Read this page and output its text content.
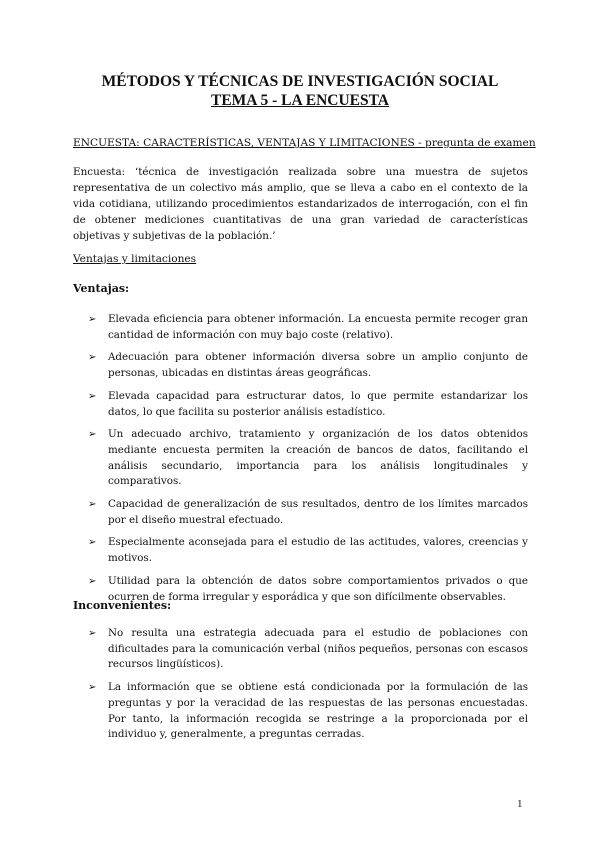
MÉTODOS Y TÉCNICAS DE INVESTIGACIÓN SOCIAL
TEMA 5 - LA ENCUESTA
ENCUESTA: CARACTERÍSTICAS, VENTAJAS Y LIMITACIONES - pregunta de examen

Encuesta: ‘técnica de investigación realizada sobre una muestra de sujetos representativa de un colectivo más amplio, que se lleva a cabo en el contexto de la vida cotidiana, utilizando procedimientos estandarizados de interrogación, con el fin de obtener mediciones cuantitativas de una gran variedad de características objetivas y subjetivas de la población.’

Ventajas y limitaciones
Ventajas:
➢ Elevada eficiencia para obtener información. La encuesta permite recoger gran cantidad de información con muy bajo coste (relativo).
➢ Adecuación para obtener información diversa sobre un amplio conjunto de personas, ubicadas en distintas áreas geográficas.
➢ Elevada capacidad para estructurar datos, lo que permite estandarizar los datos, lo que facilita su posterior análisis estadístico.
➢ Un adecuado archivo, tratamiento y organización de los datos obtenidos mediante encuesta permiten la creación de bancos de datos, facilitando el análisis secundario, importancia para los análisis longitudinales y comparativos.
➢ Capacidad de generalización de sus resultados, dentro de los límites marcados por el diseño muestral efectuado.
➢ Especialmente aconsejada para el estudio de las actitudes, valores, creencias y motivos.
➢ Utilidad para la obtención de datos sobre comportamientos privados o que ocurren de forma irregular y esporádica y que son difícilmente observables.
Inconvenientes:
➢ No resulta una estrategia adecuada para el estudio de poblaciones con dificultades para la comunicación verbal (niños pequeños, personas con escasos recursos lingüísticos).
➢ La información que se obtiene está condicionada por la formulación de las preguntas y por la veracidad de las respuestas de las personas encuestadas. Por tanto, la información recogida se restringe a la proporcionada por el individuo y, generalmente, a preguntas cerradas.
1
